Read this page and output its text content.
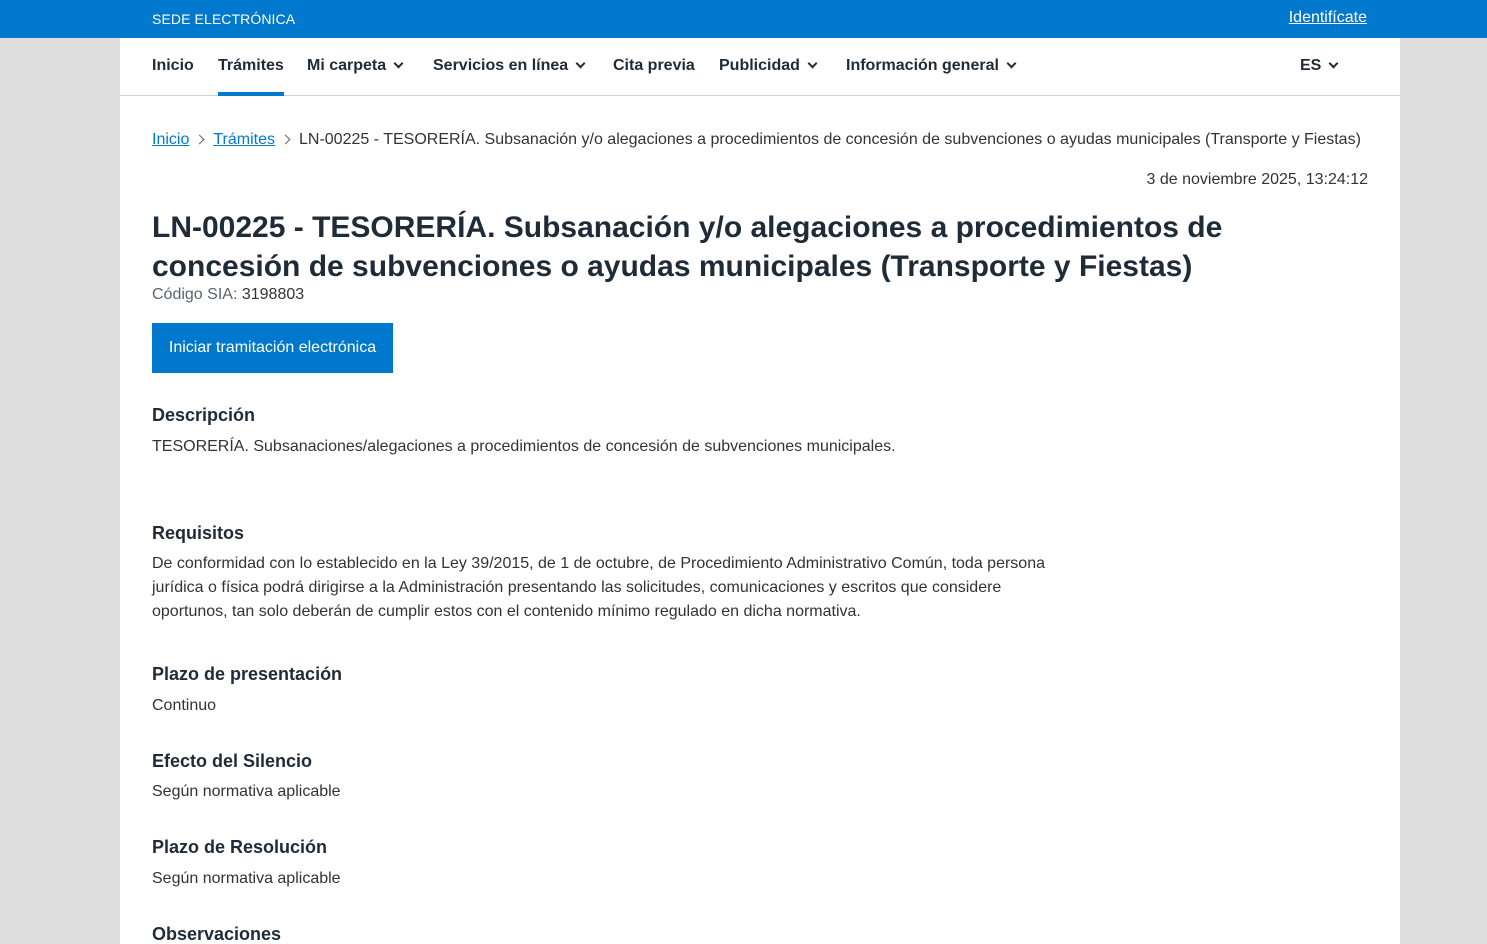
SEDE ELECTRÓNICA	Identifícate
Inicio Trámites Mi carpeta	Servicios en línea	Cita previa Publicidad	Información general	ES
Inicio Trámites LN-00225 - TESORERÍA. Subsanación y/o alegaciones a procedimientos de concesión de subvenciones o ayudas municipales (Transporte y Fiestas)
3 de noviembre 2025, 13:24:12
LN-00225 - TESORERÍA. Subsanación y/o alegaciones a procedimientos de concesión de subvenciones o ayudas municipales (Transporte y Fiestas)
Código SIA: 3198803
Iniciar tramitación electrónica
Descripción

TESORERÍA. Subsanaciones/alegaciones a procedimientos de concesión de subvenciones municipales.

Requisitos

De conformidad con lo establecido en la Ley 39/2015, de 1 de octubre, de Procedimiento Administrativo Común, toda persona jurídica o física podrá dirigirse a la Administración presentando las solicitudes, comunicaciones y escritos que considere oportunos, tan solo deberán de cumplir estos con el contenido mínimo regulado en dicha normativa.

Plazo de presentación

Continuo

Efecto del Silencio

Según normativa aplicable

Plazo de Resolución

Según normativa aplicable

Observaciones
